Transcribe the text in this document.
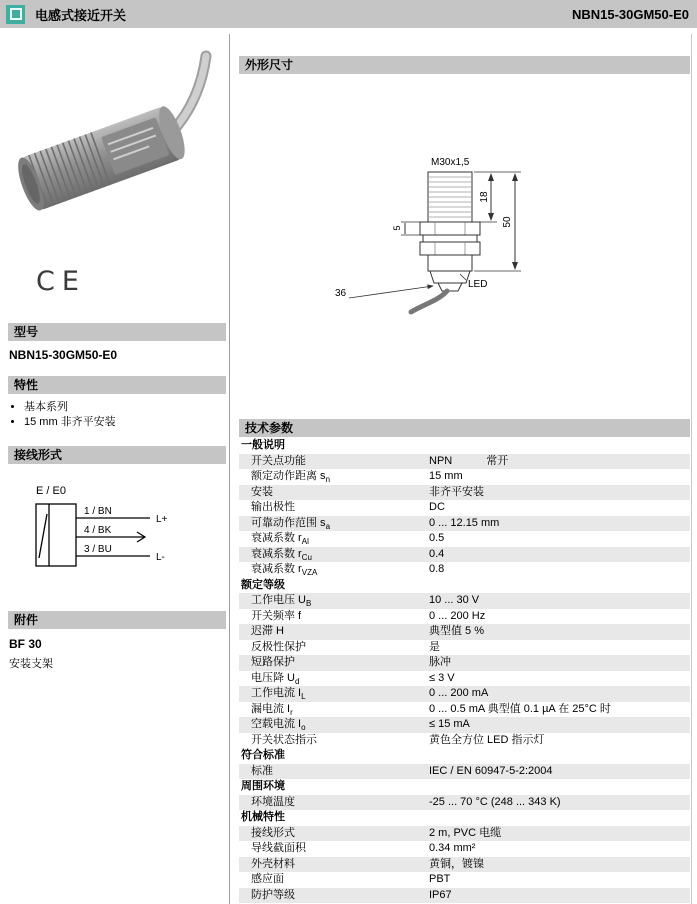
电感式接近开关	NBN15-30GM50-E0
CE
型号
NBN15-30GM50-E0
特性
• 基本系列
• 15 mm 非齐平安装
接线形式
E / E0
1 / BN
4 / BK
3 / BU
L+
L-
附件
BF 30
安装支架
外形尺寸
M30x1,5
18
50
5
36
LED
技术参数
一般说明
开关点功能	NPN	常开
额定动作距离 $s_n$	15 mm
安装	非齐平安装
输出极性	DC
可靠动作范围 $s_a$	0 ... 12.15 mm
衰减系数 $r_{Al}$	0.5
衰减系数 $r_{Cu}$	0.4
衰减系数 $r_{VZA}$	0.8
额定等级
工作电压 $U_B$	10 ... 30 V
开关频率 f	0 ... 200 Hz
迟滞 H	典型值 5 %
反极性保护	是
短路保护	脉冲
电压降 $U_d$	≤ 3 V
工作电流 $I_L$	0 ... 200 mA
漏电流 $I_r$	0 ... 0.5 mA 典型值 0.1 µA 在 25°C 时
空载电流 $I_o$	≤ 15 mA
开关状态指示	黄色全方位 LED 指示灯
符合标准
标准	IEC / EN 60947-5-2:2004
周围环境
环境温度	-25 ... 70 °C (248 ... 343 K)
机械特性
接线形式	2 m, PVC 电缆
导线截面积	0.34 mm²
外壳材料	黄铜，镀镍
感应面	PBT
防护等级	IP67
